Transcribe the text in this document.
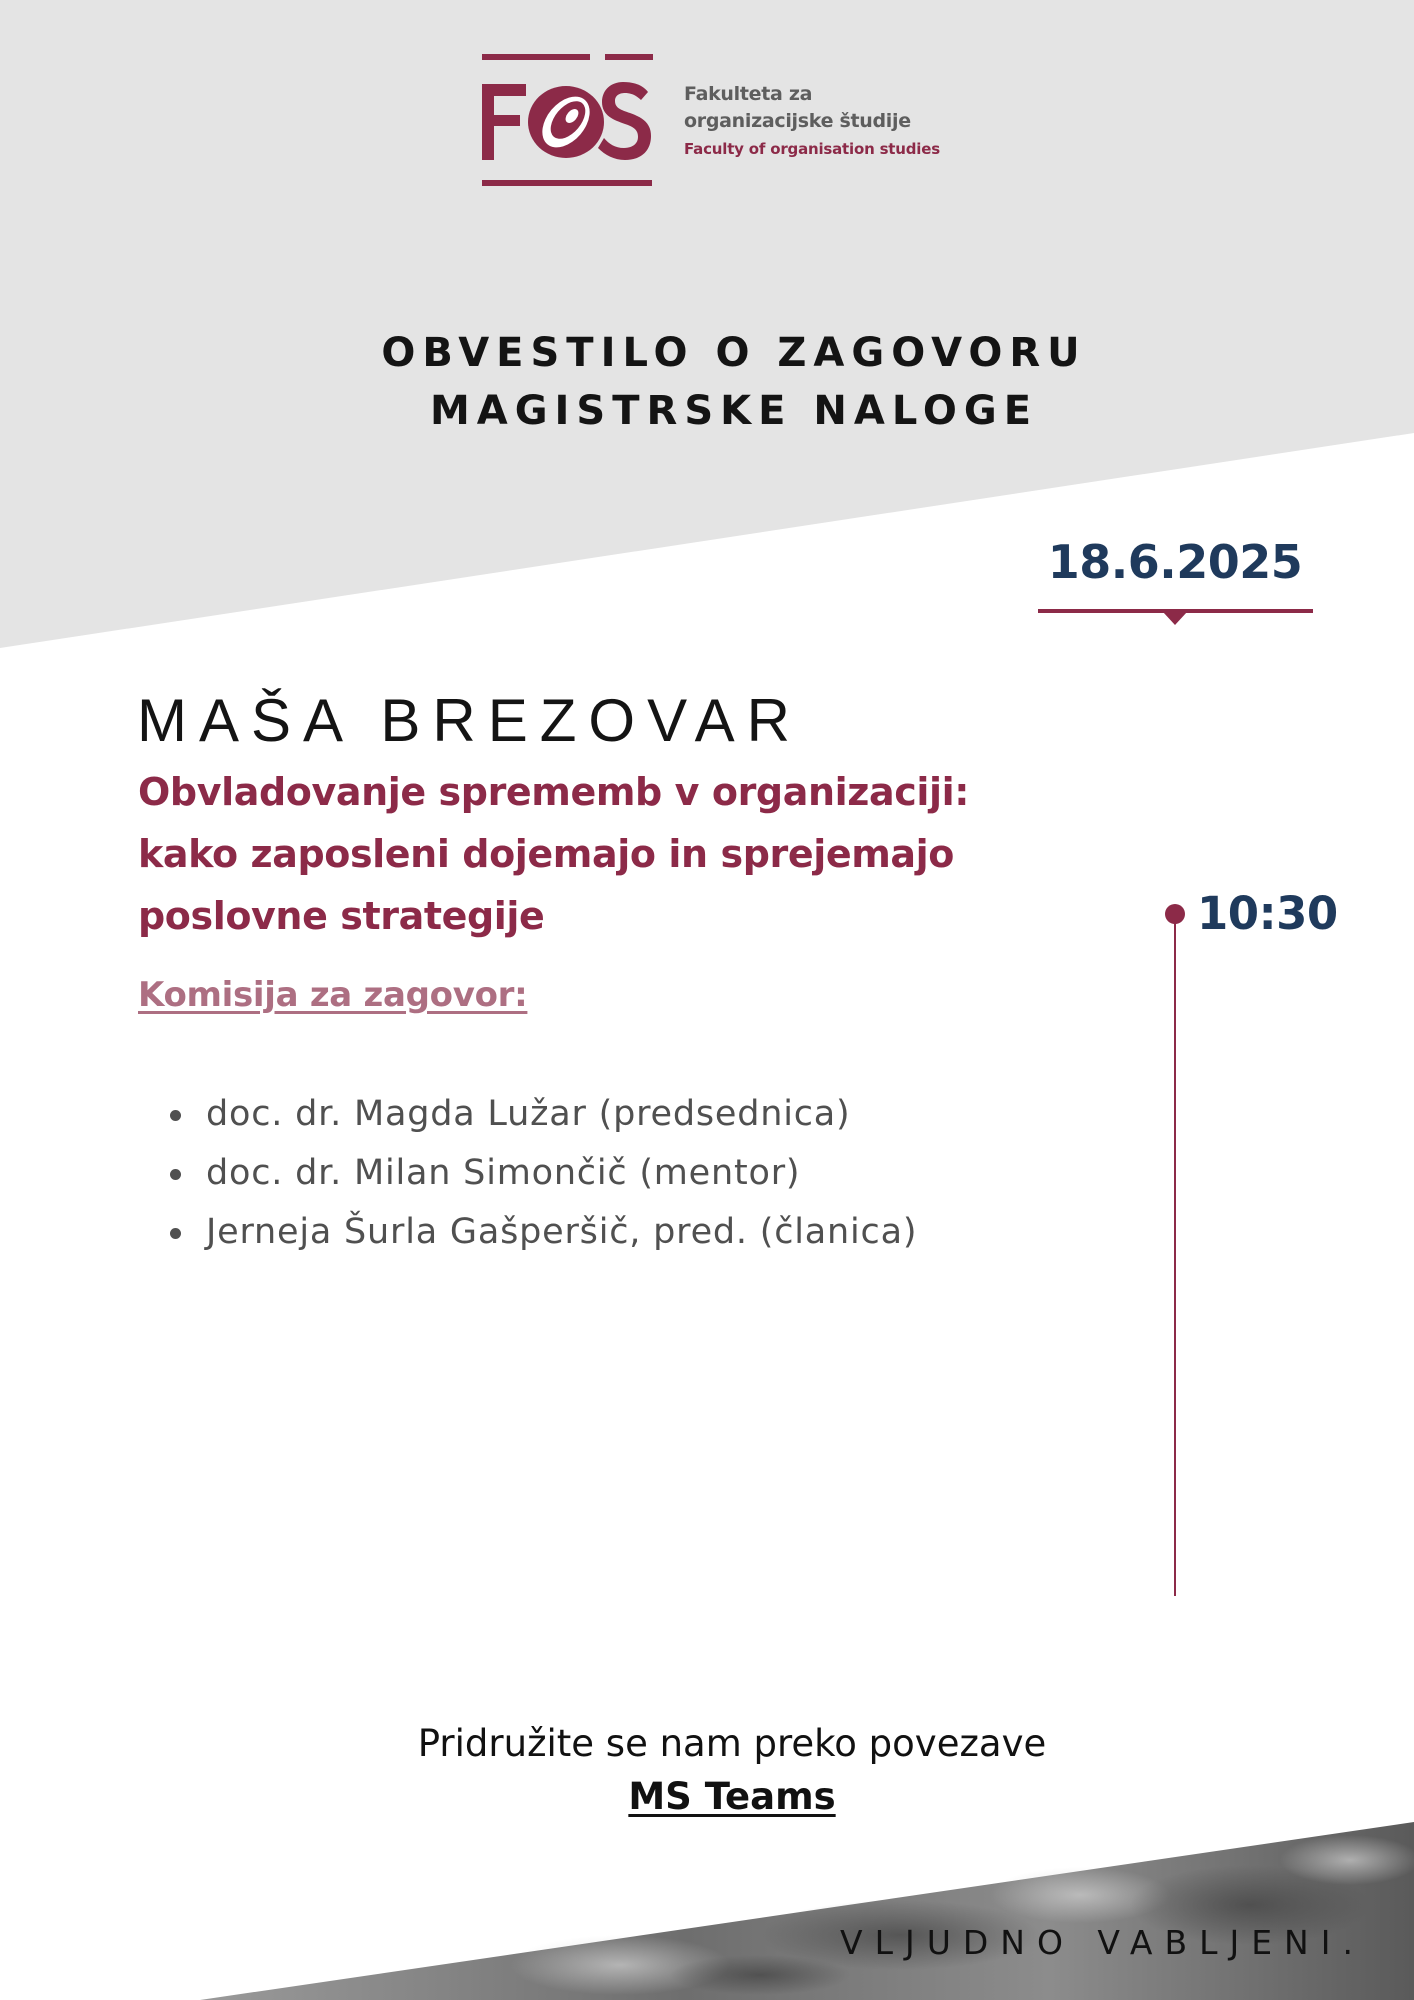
Fakulteta za
organizacijske študije
Faculty of organisation studies
OBVESTILO O ZAGOVORU
MAGISTRSKE NALOGE
18.6.2025
MAŠA BREZOVAR
Obvladovanje sprememb v organizaciji:
kako zaposleni dojemajo in sprejemajo
poslovne strategije
Komisija za zagovor:
doc. dr. Magda Lužar (predsednica)
doc. dr. Milan Simončič (mentor)
Jerneja Šurla Gašperšič, pred. (članica)
10:30
Pridružite se nam preko povezave
MS Teams
VLJUDNO VABLJENI.
